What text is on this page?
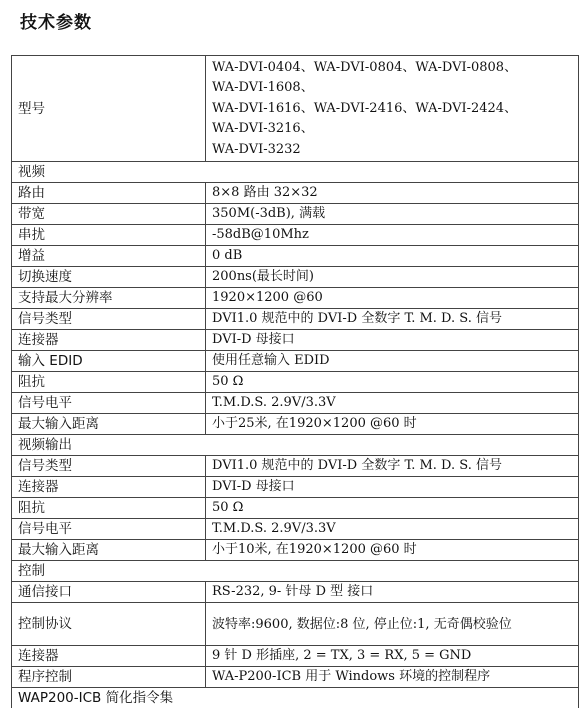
技术参数
型号	WA-DVI-0404、WA-DVI-0804、WA-DVI-0808、
WA-DVI-1608、
WA-DVI-1616、WA-DVI-2416、WA-DVI-2424、
WA-DVI-3216、
WA-DVI-3232

视频	
路由	8×8 路由 32×32
带宽	350M(-3dB), 满载
串扰	-58dB@10Mhz
增益	0 dB
切换速度	200ns(最长时间)
支持最大分辨率	1920×1200 @60
信号类型	DVI1.0 规范中的 DVI-D 全数字 T. M. D. S. 信号
连接器	DVI-D 母接口
输入 EDID	使用任意输入 EDID
阻抗	50 Ω
信号电平	T.M.D.S. 2.9V/3.3V
最大输入距离	小于25米, 在1920×1200 @60 时
视频输出	
信号类型	DVI1.0 规范中的 DVI-D 全数字 T. M. D. S. 信号
连接器	DVI-D 母接口
阻抗	50 Ω
信号电平	T.M.D.S. 2.9V/3.3V
最大输入距离	小于10米, 在1920×1200 @60 时
控制	
通信接口	RS-232, 9- 针母 D 型 接口
控制协议	波特率:9600, 数据位:8 位, 停止位:1, 无奇偶校验位
连接器	9 针 D 形插座, 2 = TX, 3 = RX, 5 = GND
程序控制	WA-P200-ICB 用于 Windows 环境的控制程序
WAP200-ICB 简化指令集	
